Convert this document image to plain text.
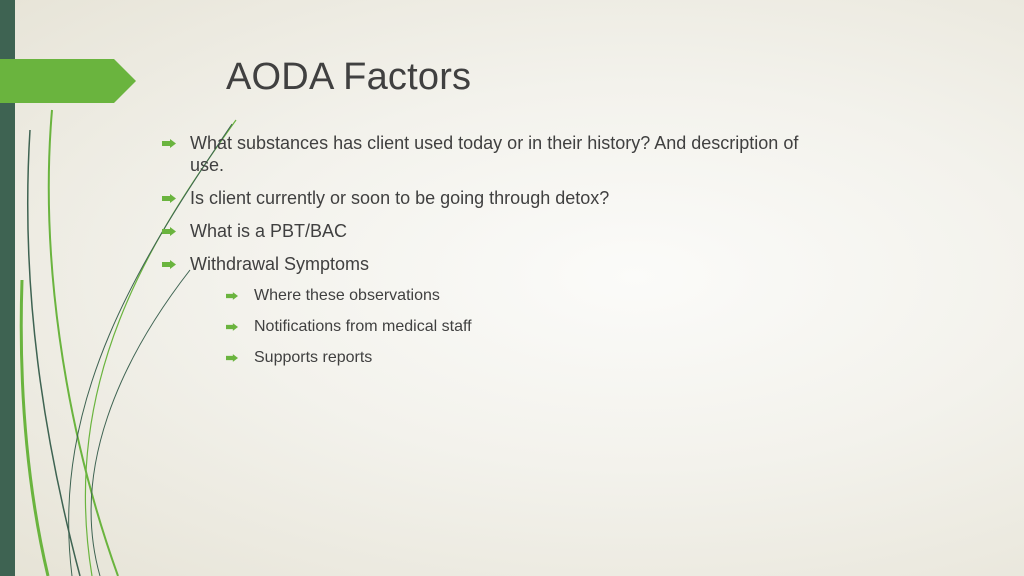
AODA Factors
What substances has client used today or in their history? And description of use.
Is client currently or soon to be going through detox?
What is a PBT/BAC
Withdrawal Symptoms
Where these observations
Notifications from medical staff
Supports reports
